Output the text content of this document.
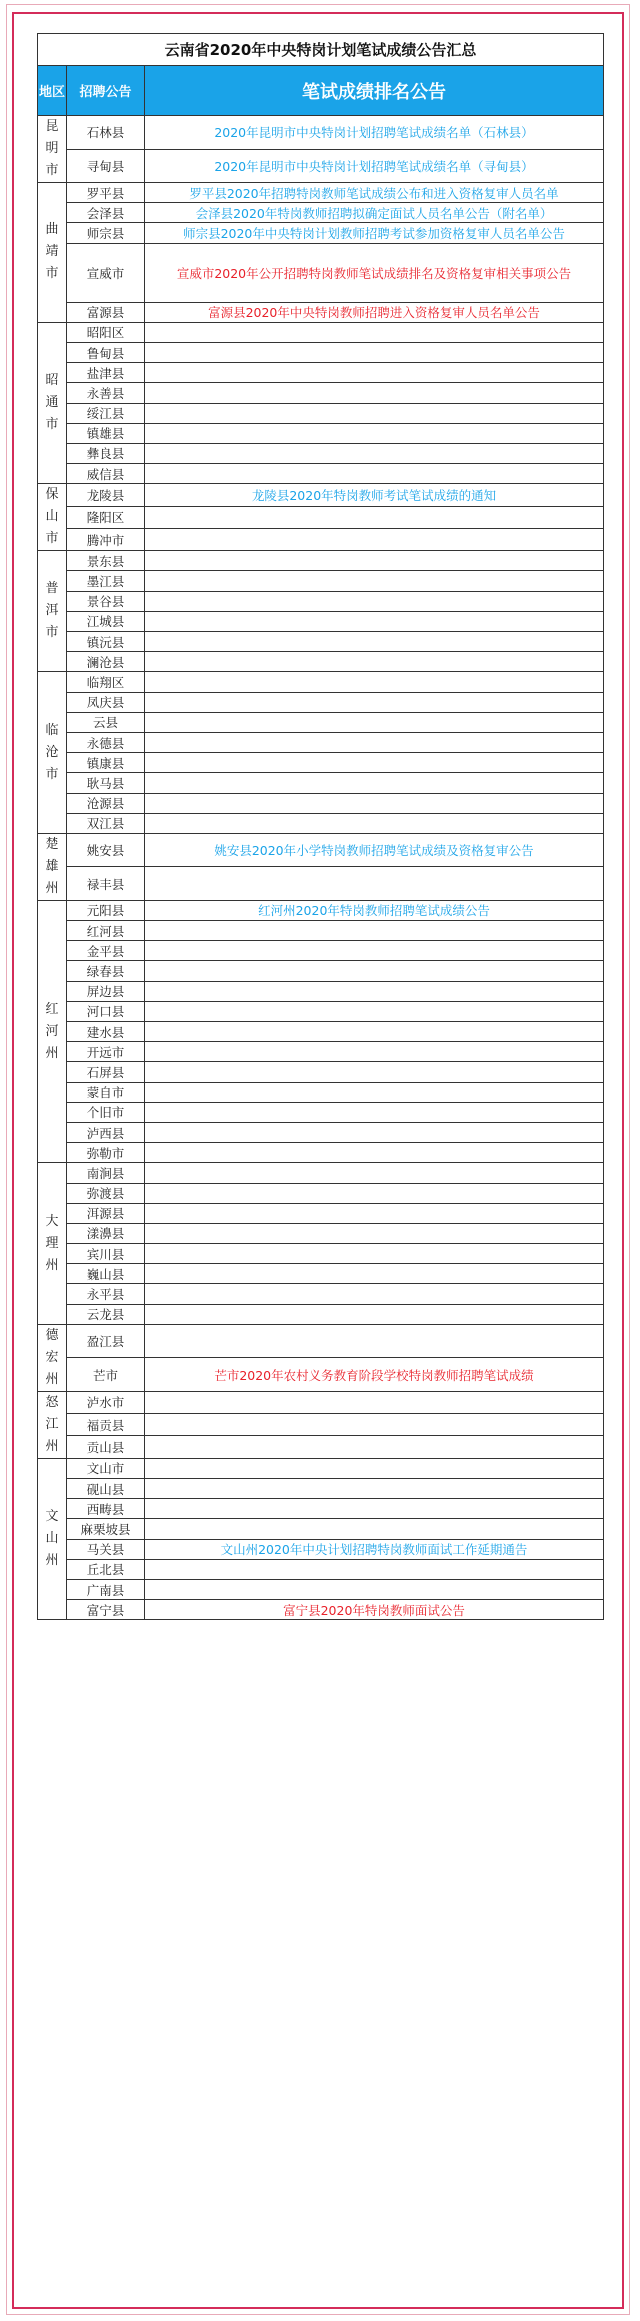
云南省2020年中央特岗计划笔试成绩公告汇总		
地区	招聘公告	笔试成绩排名公告

昆
明
市	石林县	2020年昆明市中央特岗计划招聘笔试成绩名单（石林县）
	寻甸县	2020年昆明市中央特岗计划招聘笔试成绩名单（寻甸县）

曲
靖
市	罗平县	罗平县2020年招聘特岗教师笔试成绩公布和进入资格复审人员名单
	会泽县	会泽县2020年特岗教师招聘拟确定面试人员名单公告（附名单）
	师宗县	师宗县2020年中央特岗计划教师招聘考试参加资格复审人员名单公告
	宣威市	宣威市2020年公开招聘特岗教师笔试成绩排名及资格复审相关事项公告
	富源县	富源县2020年中央特岗教师招聘进入资格复审人员名单公告

昭
通
市	昭阳区	
	鲁甸县	
	盐津县	
	永善县	
	绥江县	
	镇雄县	
	彝良县	
	威信县	

保
山
市	龙陵县	龙陵县2020年特岗教师考试笔试成绩的通知
	隆阳区	
	腾冲市	

普
洱
市	景东县	
	墨江县	
	景谷县	
	江城县	
	镇沅县	
	澜沧县	

临
沧
市	临翔区	
	凤庆县	
	云县	
	永德县	
	镇康县	
	耿马县	
	沧源县	
	双江县	

楚
雄
州	姚安县	姚安县2020年小学特岗教师招聘笔试成绩及资格复审公告
	禄丰县	

红
河
州	元阳县	红河州2020年特岗教师招聘笔试成绩公告
	红河县	
	金平县	
	绿春县	
	屏边县	
	河口县	
	建水县	
	开远市	
	石屏县	
	蒙自市	
	个旧市	
	泸西县	
	弥勒市	

大
理
州	南涧县	
	弥渡县	
	洱源县	
	漾濞县	
	宾川县	
	巍山县	
	永平县	
	云龙县	

德
宏
州	盈江县	
	芒市	芒市2020年农村义务教育阶段学校特岗教师招聘笔试成绩

怒
江
州	泸水市	
	福贡县	
	贡山县	

文
山
州	文山市	
	砚山县	
	西畴县	
	麻栗坡县	
	马关县	文山州2020年中央计划招聘特岗教师面试工作延期通告
	丘北县	
	广南县	
	富宁县	富宁县2020年特岗教师面试公告
